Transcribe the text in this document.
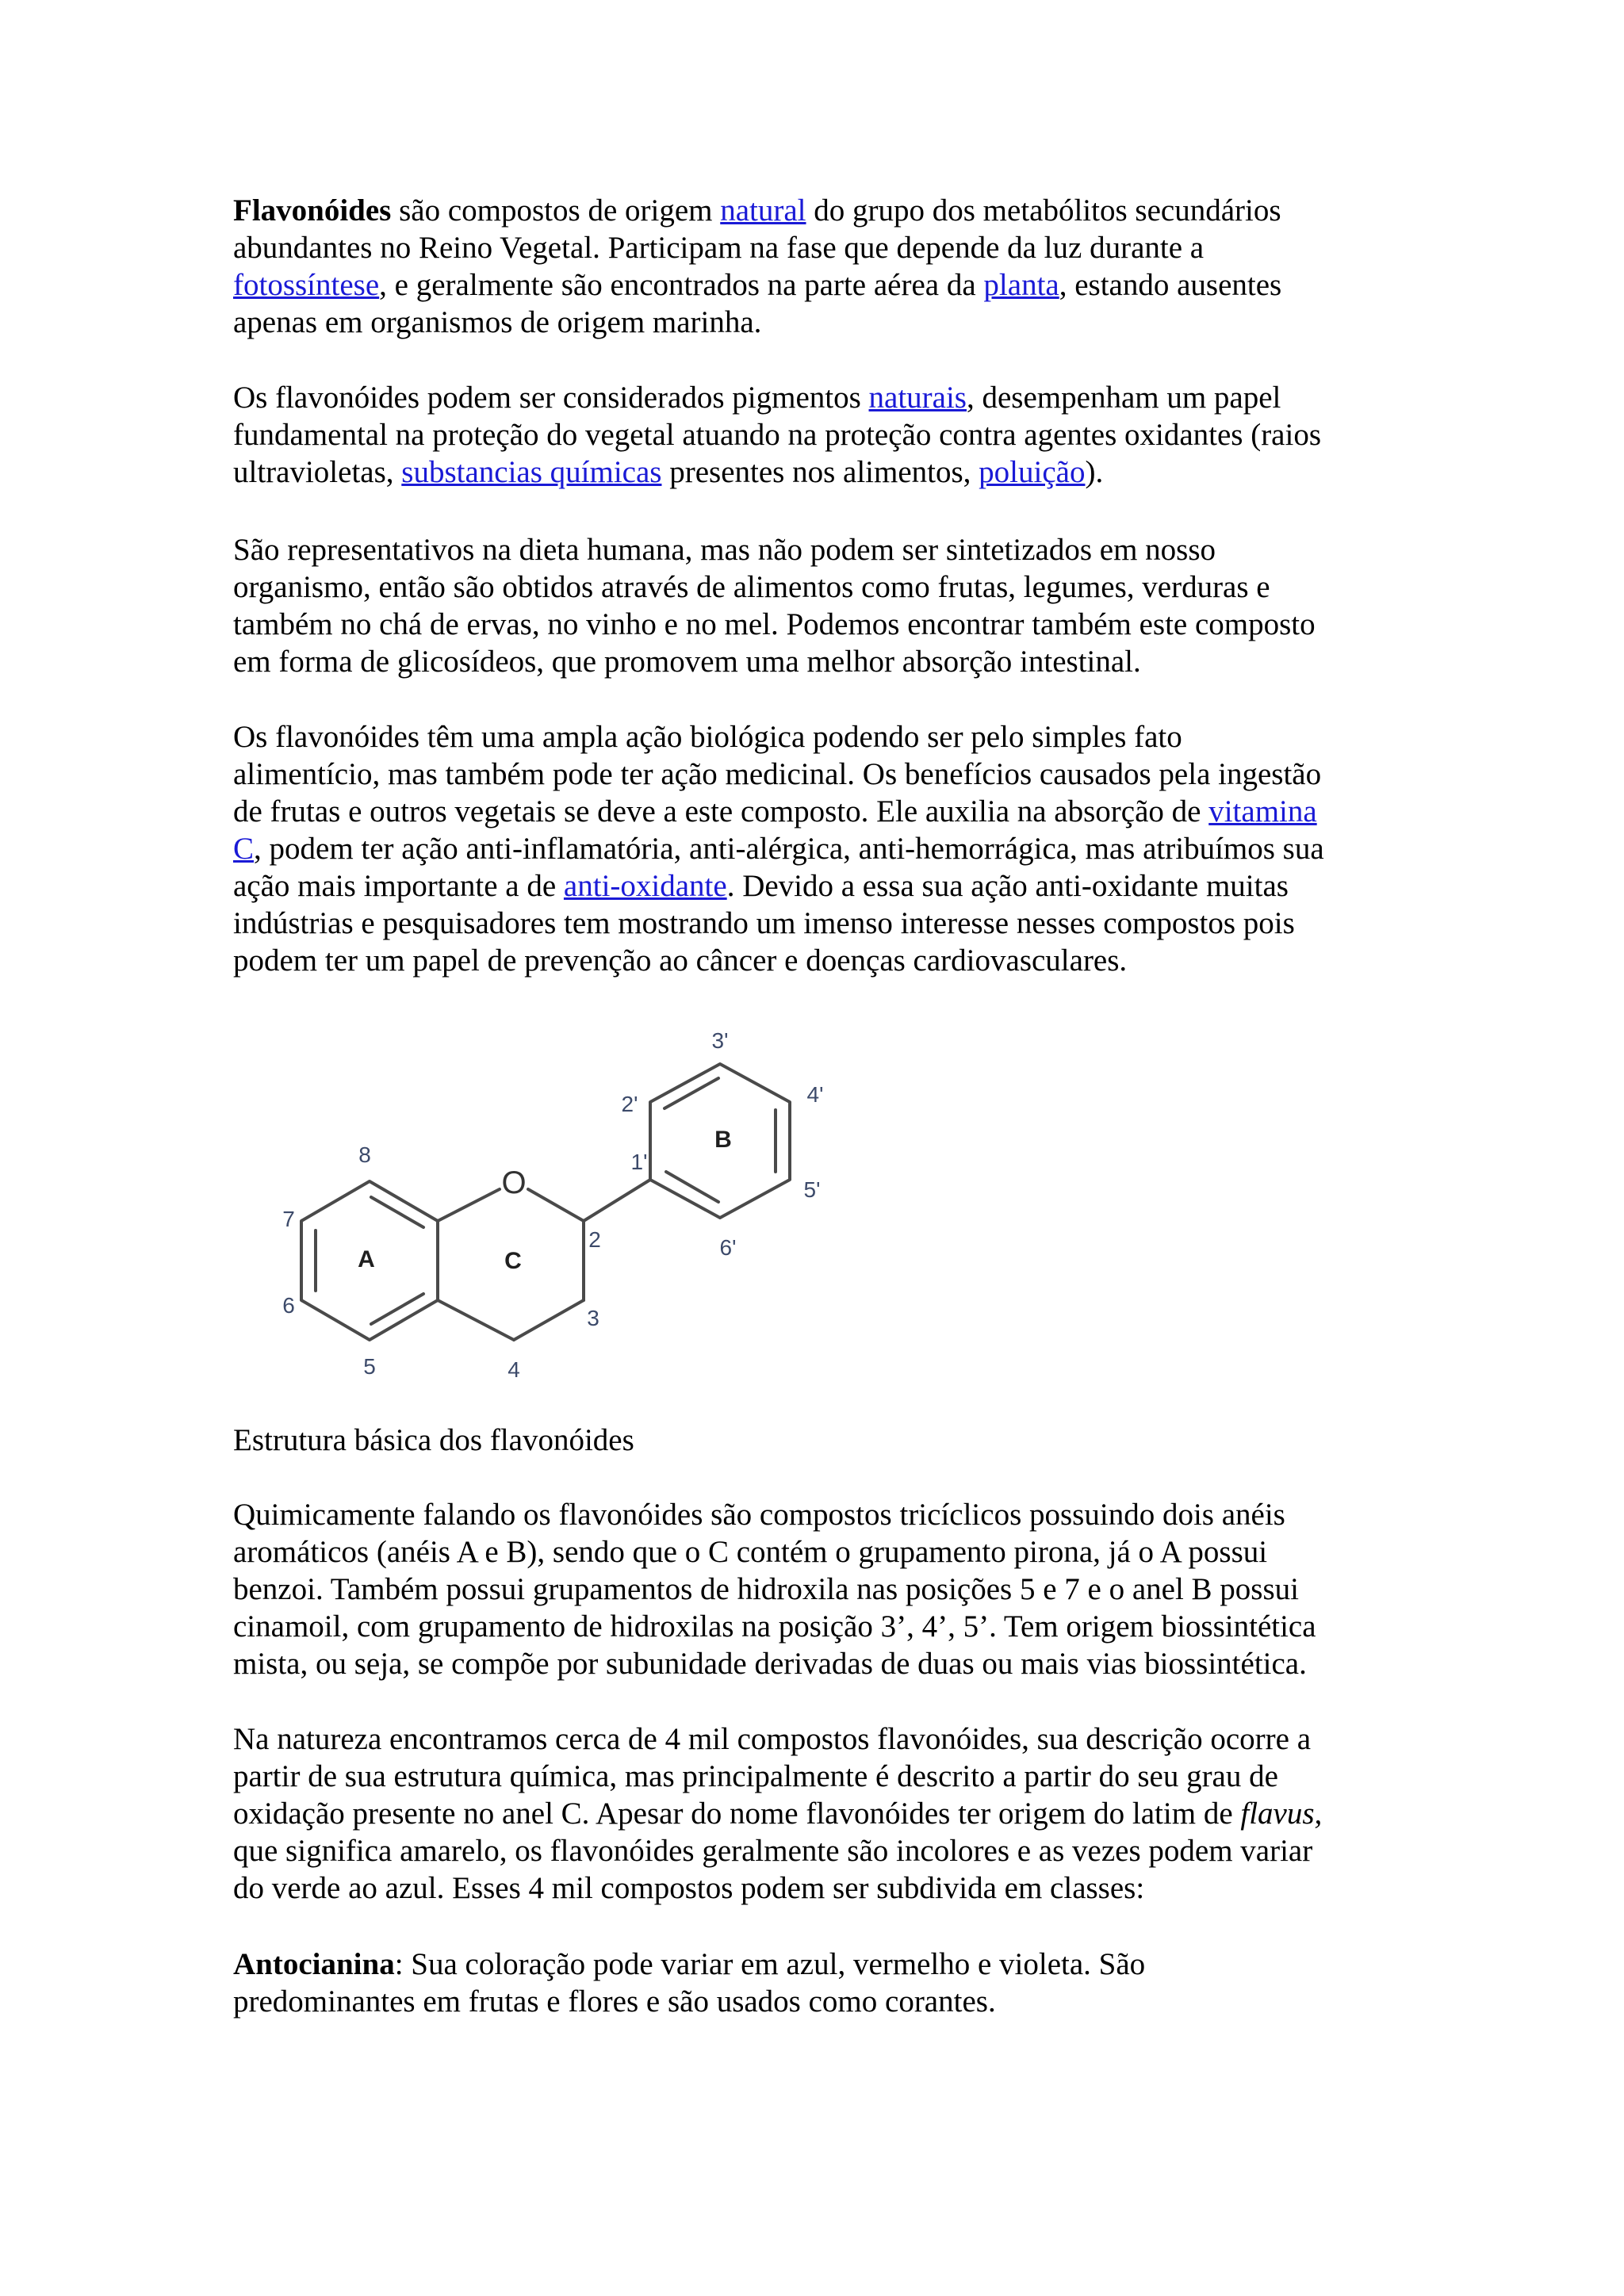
Flavonóides são compostos de origem natural do grupo dos metabólitos secundários
abundantes no Reino Vegetal. Participam na fase que depende da luz durante a
fotossíntese, e geralmente são encontrados na parte aérea da planta, estando ausentes
apenas em organismos de origem marinha.

Os flavonóides podem ser considerados pigmentos naturais, desempenham um papel
fundamental na proteção do vegetal atuando na proteção contra agentes oxidantes (raios
ultravioletas, substancias químicas presentes nos alimentos, poluição).

São representativos na dieta humana, mas não podem ser sintetizados em nosso
organismo, então são obtidos através de alimentos como frutas, legumes, verduras e
também no chá de ervas, no vinho e no mel. Podemos encontrar também este composto
em forma de glicosídeos, que promovem uma melhor absorção intestinal.

Os flavonóides têm uma ampla ação biológica podendo ser pelo simples fato
alimentício, mas também pode ter ação medicinal. Os benefícios causados pela ingestão
de frutas e outros vegetais se deve a este composto. Ele auxilia na absorção de vitamina
C, podem ter ação anti-inflamatória, anti-alérgica, anti-hemorrágica, mas atribuímos sua
ação mais importante a de anti-oxidante. Devido a essa sua ação anti-oxidante muitas
indústrias e pesquisadores tem mostrando um imenso interesse nesses compostos pois
podem ter um papel de prevenção ao câncer e doenças cardiovasculares.

A	C
B
O
8
7
6
5	4
3
2
2'
3'
4'
5'
6'
1'

Estrutura básica dos flavonóides

Quimicamente falando os flavonóides são compostos tricíclicos possuindo dois anéis
aromáticos (anéis A e B), sendo que o C contém o grupamento pirona, já o A possui
benzoi. Também possui grupamentos de hidroxila nas posições 5 e 7 e o anel B possui
cinamoil, com grupamento de hidroxilas na posição 3’, 4’, 5’. Tem origem biossintética
mista, ou seja, se compõe por subunidade derivadas de duas ou mais vias biossintética.

Na natureza encontramos cerca de 4 mil compostos flavonóides, sua descrição ocorre a
partir de sua estrutura química, mas principalmente é descrito a partir do seu grau de
oxidação presente no anel C. Apesar do nome flavonóides ter origem do latim de flavus,
que significa amarelo, os flavonóides geralmente são incolores e as vezes podem variar
do verde ao azul. Esses 4 mil compostos podem ser subdivida em classes:

Antocianina: Sua coloração pode variar em azul, vermelho e violeta. São
predominantes em frutas e flores e são usados como corantes.
